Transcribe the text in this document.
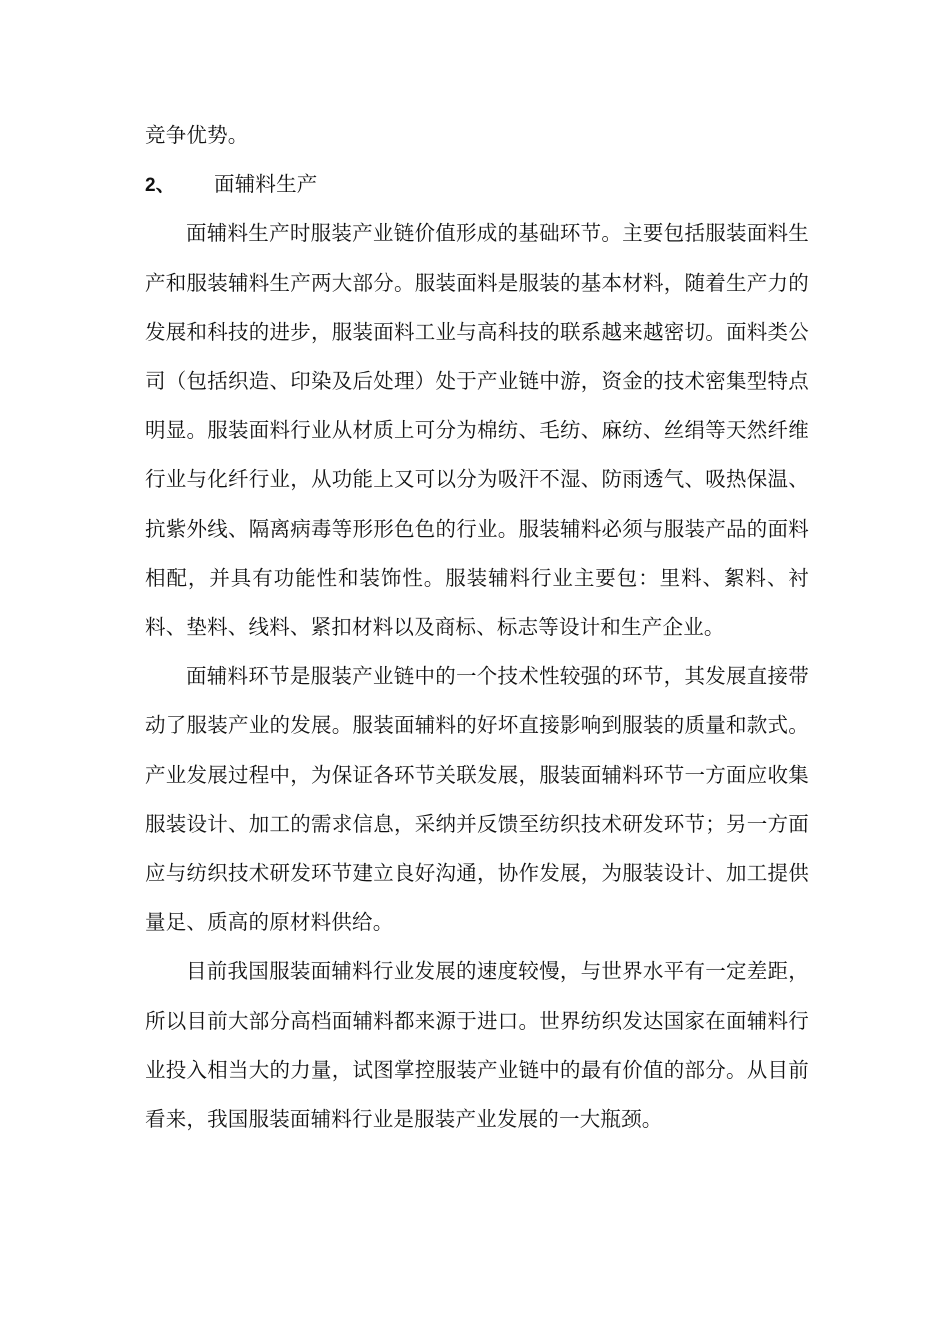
竞争优势。

2、	面辅料生产

面辅料生产时服装产业链价值形成的基础环节。主要包括服装面料生产和服装辅料生产两大部分。服装面料是服装的基本材料，随着生产力的发展和科技的进步，服装面料工业与高科技的联系越来越密切。面料类公司（包括织造、印染及后处理）处于产业链中游，资金的技术密集型特点明显。服装面料行业从材质上可分为棉纺、毛纺、麻纺、丝绢等天然纤维行业与化纤行业，从功能上又可以分为吸汗不湿、防雨透气、吸热保温、抗紫外线、隔离病毒等形形色色的行业。服装辅料必须与服装产品的面料相配，并具有功能性和装饰性。服装辅料行业主要包：里料、絮料、衬料、垫料、线料、紧扣材料以及商标、标志等设计和生产企业。

面辅料环节是服装产业链中的一个技术性较强的环节，其发展直接带动了服装产业的发展。服装面辅料的好坏直接影响到服装的质量和款式。产业发展过程中，为保证各环节关联发展，服装面辅料环节一方面应收集服装设计、加工的需求信息，采纳并反馈至纺织技术研发环节；另一方面应与纺织技术研发环节建立良好沟通，协作发展，为服装设计、加工提供量足、质高的原材料供给。

目前我国服装面辅料行业发展的速度较慢，与世界水平有一定差距，所以目前大部分高档面辅料都来源于进口。世界纺织发达国家在面辅料行业投入相当大的力量，试图掌控服装产业链中的最有价值的部分。从目前看来，我国服装面辅料行业是服装产业发展的一大瓶颈。
